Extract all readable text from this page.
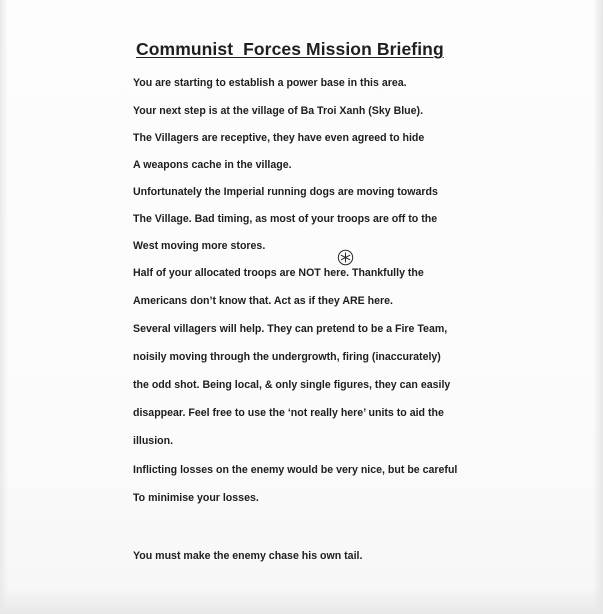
Communist  Forces Mission Briefing

You are starting to establish a power base in this area.

Your next step is at the village of Ba Troi Xanh (Sky Blue).

The Villagers are receptive, they have even agreed to hide

A weapons cache in the village.

Unfortunately the Imperial running dogs are moving towards

The Village. Bad timing, as most of your troops are off to the

West moving more stores.

Half of your allocated troops are NOT here. Thankfully the

Americans don’t know that. Act as if they ARE here.

Several villagers will help. They can pretend to be a Fire Team,

noisily moving through the undergrowth, firing (inaccurately)

the odd shot. Being local, & only single figures, they can easily

disappear. Feel free to use the ‘not really here’ units to aid the

illusion.

Inflicting losses on the enemy would be very nice, but be careful

To minimise your losses.

You must make the enemy chase his own tail.
